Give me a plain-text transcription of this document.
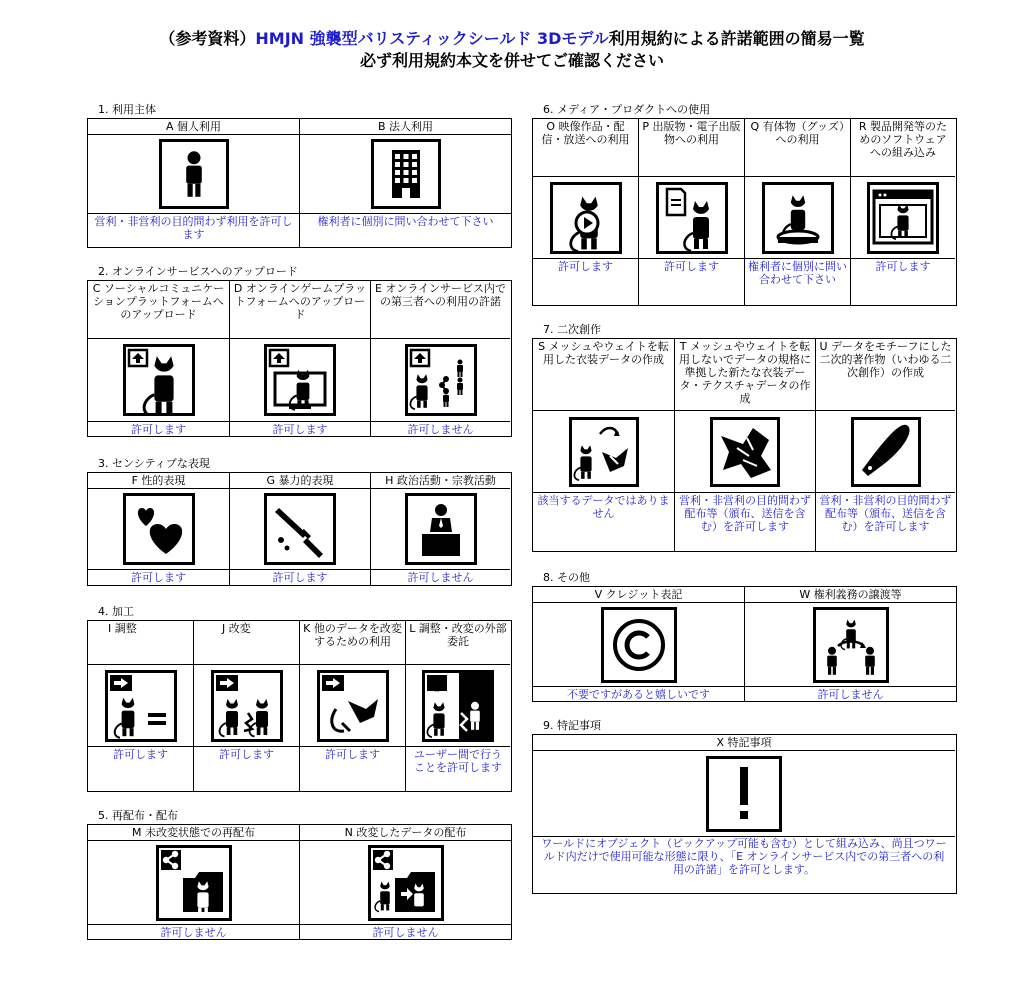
（参考資料）HMJN 強襲型バリスティックシールド 3Dモデル利用規約による許諾範囲の簡易一覧
必ず利用規約本文を併せてご確認ください
1. 利用主体
A 個人利用
営利・非営利の目的問わず利用を許可します
B 法人利用
権利者に個別に問い合わせて下さい
2. オンラインサービスへのアップロード
C ソーシャルコミュニケーションプラットフォームへのアップロード
許可します
D オンラインゲームプラットフォームへのアップロード
許可します
E オンラインサービス内での第三者への利用の許諾
許可しません
3. センシティブな表現
F 性的表現
許可します
G 暴力的表現
許可します
H 政治活動・宗教活動
許可しません
4. 加工
I 調整
許可します
J 改変
許可します
K 他のデータを改変するための利用
許可します
L 調整・改変の外部委託
ユーザー間で行うことを許可します
5. 再配布・配布
M 未改変状態での再配布
許可しません
N 改変したデータの配布
許可しません
6. メディア・プロダクトへの使用
O 映像作品・配信・放送への利用
許可します
P 出版物・電子出版物への利用
許可します
Q 有体物（グッズ）への利用
権利者に個別に問い合わせて下さい
R 製品開発等のためのソフトウェアへの組み込み
許可します
7. 二次創作
S メッシュやウェイトを転用した衣装データの作成
該当するデータではありません
T メッシュやウェイトを転用しないでデータの規格に準拠した新たな衣装データ・テクスチャデータの作成
営利・非営利の目的問わず配布等（頒布、送信を含む）を許可します
U データをモチーフにした二次的著作物（いわゆる二次創作）の作成
営利・非営利の目的問わず配布等（頒布、送信を含む）を許可します
8. その他
V クレジット表記
不要ですがあると嬉しいです
W 権利義務の譲渡等
許可しません
9. 特記事項
X 特記事項
ワールドにオブジェクト（ピックアップ可能も含む）として組み込み、尚且つワールド内だけで使用可能な形態に限り、「E オンラインサービス内での第三者への利用の許諾」を許可とします。
